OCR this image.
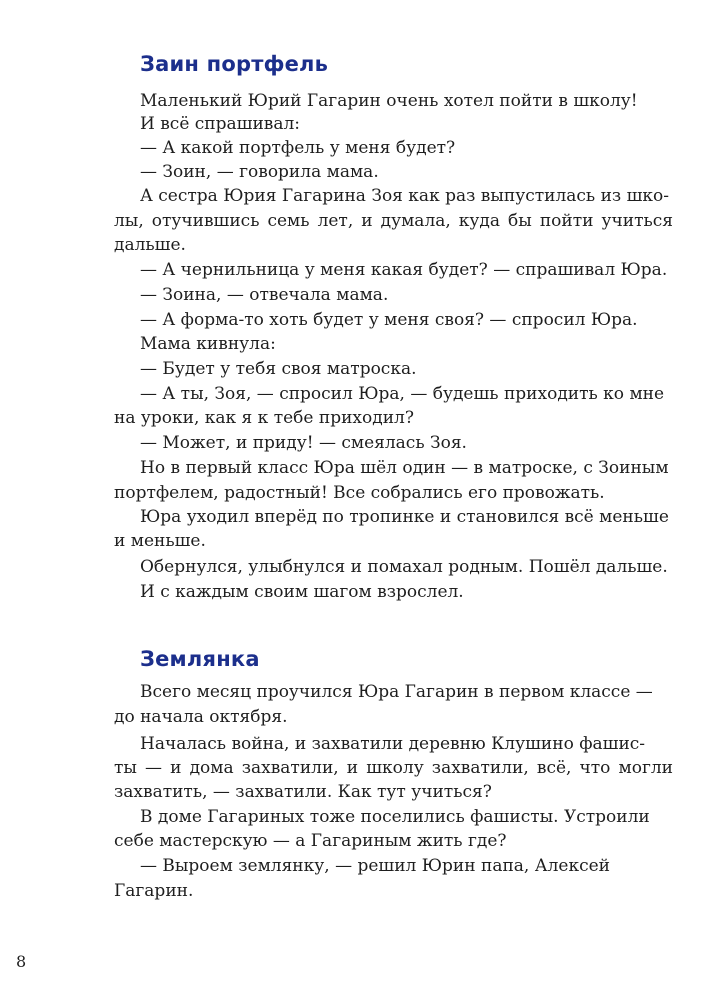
Заин портфель
Маленький Юрий Гагарин очень хотел пойти в школу!
И всё спрашивал:
— А какой портфель у меня будет?
— Зоин, — говорила мама.
А сестра Юрия Гагарина Зоя как раз выпустилась из шко-
лы, отучившись семь лет, и думала, куда бы пойти учиться
дальше.
— А чернильница у меня какая будет? — спрашивал Юра.
— Зоина, — отвечала мама.
— А форма-то хоть будет у меня своя? — спросил Юра.
Мама кивнула:
— Будет у тебя своя матроска.
— А ты, Зоя, — спросил Юра, — будешь приходить ко мне
на уроки, как я к тебе приходил?
— Может, и приду! — смеялась Зоя.
Но в первый класс Юра шёл один — в матроске, с Зоиным
портфелем, радостный! Все собрались его провожать.
Юра уходил вперёд по тропинке и становился всё меньше
и меньше.
Обернулся, улыбнулся и помахал родным. Пошёл дальше.
И с каждым своим шагом взрослел.
Землянка
Всего месяц проучился Юра Гагарин в первом классе —
до начала октября.
Началась война, и захватили деревню Клушино фашис-
ты — и дома захватили, и школу захватили, всё, что могли
захватить, — захватили. Как тут учиться?
В доме Гагариных тоже поселились фашисты. Устроили
себе мастерскую — а Гагариным жить где?
— Выроем землянку, — решил Юрин папа, Алексей
Гагарин.
8
